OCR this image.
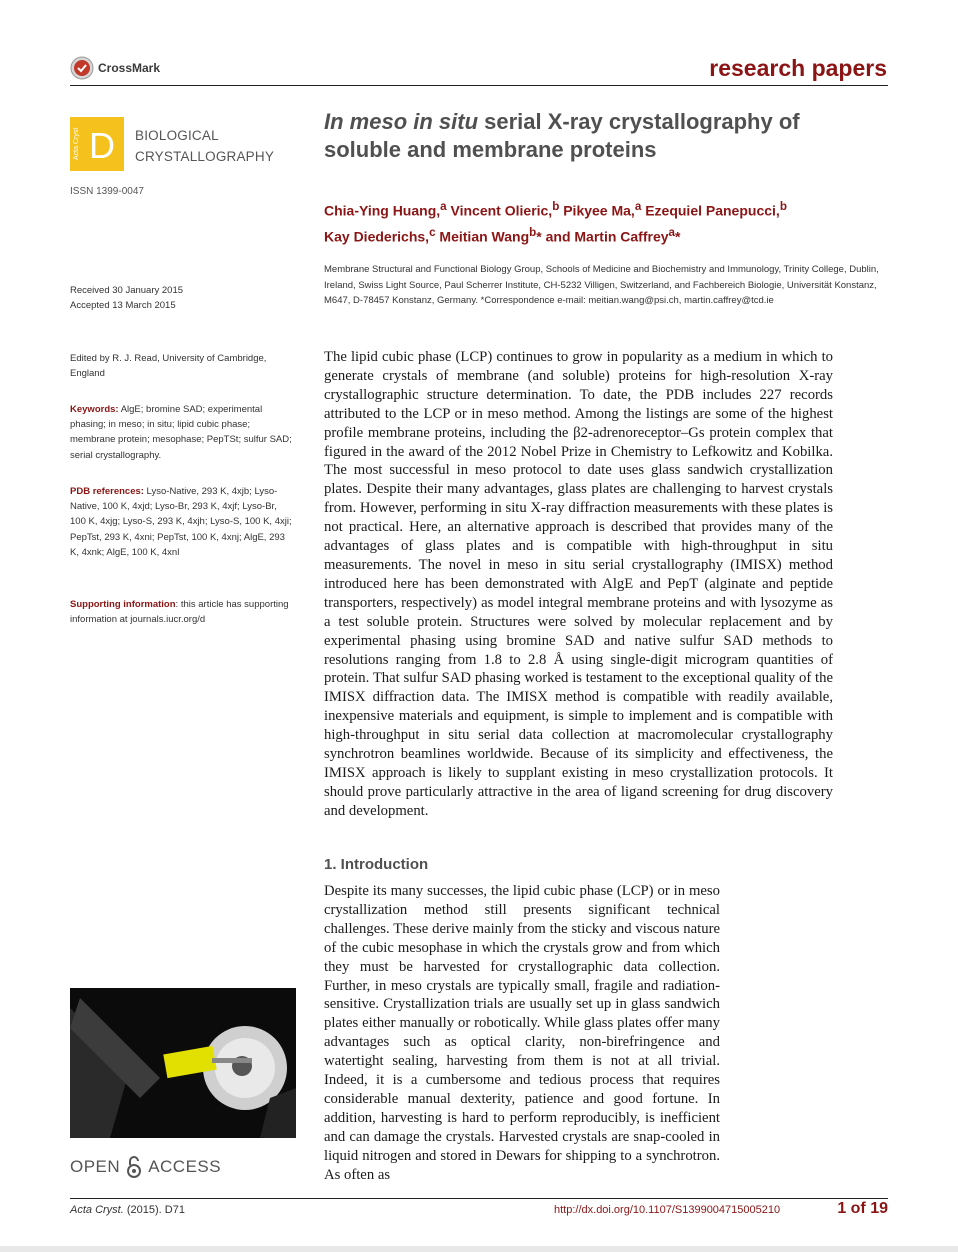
CrossMark	research papers
Acta Cryst D BIOLOGICAL
CRYSTALLOGRAPHY
ISSN 1399-0047
In meso in situ serial X-ray crystallography of soluble and membrane proteins
Chia-Ying Huang,$^a$ Vincent Olieric,$^b$ Pikyee Ma,$^a$ Ezequiel Panepucci,$^b$
Kay Diederichs,$^c$ Meitian Wang$^b$* and Martin Caffrey$^a$*
Membrane Structural and Functional Biology Group, Schools of Medicine and Biochemistry and Immunology, Trinity College, Dublin, Ireland, Swiss Light Source, Paul Scherrer Institute, CH-5232 Villigen, Switzerland, and Fachbereich Biologie, Universität Konstanz, M647, D-78457 Konstanz, Germany. *Correspondence e-mail: meitian.wang@psi.ch, martin.caffrey@tcd.ie
Received 30 January 2015
Accepted 13 March 2015
Edited by R. J. Read, University of Cambridge, England
Keywords: AlgE; bromine SAD; experimental phasing; in meso; in situ; lipid cubic phase; membrane protein; mesophase; PepTSt; sulfur SAD; serial crystallography.
PDB references: Lyso-Native, 293 K, 4xjb; Lyso-Native, 100 K, 4xjd; Lyso-Br, 293 K, 4xjf; Lyso-Br, 100 K, 4xjg; Lyso-S, 293 K, 4xjh; Lyso-S, 100 K, 4xji; PepTst, 293 K, 4xni; PepTst, 100 K, 4xnj; AlgE, 293 K, 4xnk; AlgE, 100 K, 4xnl
Supporting information: this article has supporting information at journals.iucr.org/d
The lipid cubic phase (LCP) continues to grow in popularity as a medium in which to generate crystals of membrane (and soluble) proteins for high-resolution X-ray crystallographic structure determination. To date, the PDB includes 227 records attributed to the LCP or in meso method. Among the listings are some of the highest profile membrane proteins, including the β2-adrenoreceptor–Gs protein complex that figured in the award of the 2012 Nobel Prize in Chemistry to Lefkowitz and Kobilka. The most successful in meso protocol to date uses glass sandwich crystallization plates. Despite their many advantages, glass plates are challenging to harvest crystals from. However, performing in situ X-ray diffraction measurements with these plates is not practical. Here, an alternative approach is described that provides many of the advantages of glass plates and is compatible with high-throughput in situ measurements. The novel in meso in situ serial crystallography (IMISX) method introduced here has been demonstrated with AlgE and PepT (alginate and peptide transporters, respectively) as model integral membrane proteins and with lysozyme as a test soluble protein. Structures were solved by molecular replacement and by experimental phasing using bromine SAD and native sulfur SAD methods to resolutions ranging from 1.8 to 2.8 Å using single-digit microgram quantities of protein. That sulfur SAD phasing worked is testament to the exceptional quality of the IMISX diffraction data. The IMISX method is compatible with readily available, inexpensive materials and equipment, is simple to implement and is compatible with high-throughput in situ serial data collection at macromolecular crystallography synchrotron beamlines worldwide. Because of its simplicity and effectiveness, the IMISX approach is likely to supplant existing in meso crystallization protocols. It should prove particularly attractive in the area of ligand screening for drug discovery and development.
1. Introduction
Despite its many successes, the lipid cubic phase (LCP) or in meso crystallization method still presents significant technical challenges. These derive mainly from the sticky and viscous nature of the cubic mesophase in which the crystals grow and from which they must be harvested for crystallographic data collection. Further, in meso crystals are typically small, fragile and radiation-sensitive. Crystallization trials are usually set up in glass sandwich plates either manually or robotically. While glass plates offer many advantages such as optical clarity, non-birefringence and watertight sealing, harvesting from them is not at all trivial. Indeed, it is a cumbersome and tedious process that requires considerable manual dexterity, patience and good fortune. In addition, harvesting is hard to perform reproducibly, is inefficient and can damage the crystals. Harvested crystals are snap-cooled in liquid nitrogen and stored in Dewars for shipping to a synchrotron. As often as
OPEN ACCESS
Acta Cryst. (2015). D71	http://dx.doi.org/10.1107/S1399004715005210	1 of 19
